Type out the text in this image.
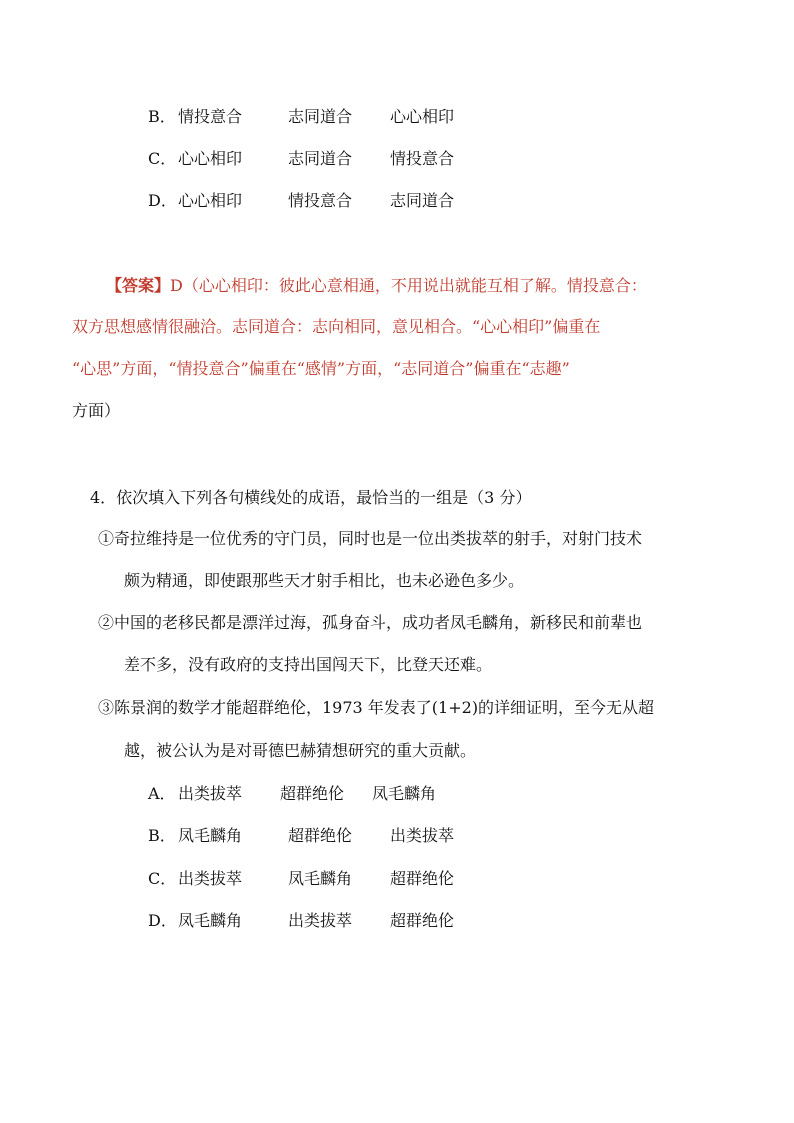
B． 情投意合	志同道合 心心相印
C． 心心相印	志同道合 情投意合
D．心心相印	情投意合 志同道合
【答案】D（心心相印：彼此心意相通，不用说出就能互相了解。情投意合：
双方思想感情很融洽。志同道合：志向相同，意见相合。“心心相印”偏重在
“心思”方面，“情投意合”偏重在“感情”方面，“志同道合”偏重在“志趣”
方面）
4．依次填入下列各句横线处的成语，最恰当的一组是（3 分）
①奇拉维持是一位优秀的守门员，同时也是一位出类拔萃的射手，对射门技术
颇为精通，即使跟那些天才射手相比，也未必逊色多少。
②中国的老移民都是漂洋过海，孤身奋斗，成功者凤毛麟角，新移民和前辈也
差不多，没有政府的支持出国闯天下，比登天还难。
③陈景润的数学才能超群绝伦，1973 年发表了(1+2)的详细证明，至今无从超
越，被公认为是对哥德巴赫猜想研究的重大贡献。
A． 出类拔萃 超群绝伦 凤毛麟角
B． 凤毛麟角	超群绝伦 出类拔萃
C． 出类拔萃	凤毛麟角 超群绝伦
D．凤毛麟角	出类拔萃 超群绝伦
